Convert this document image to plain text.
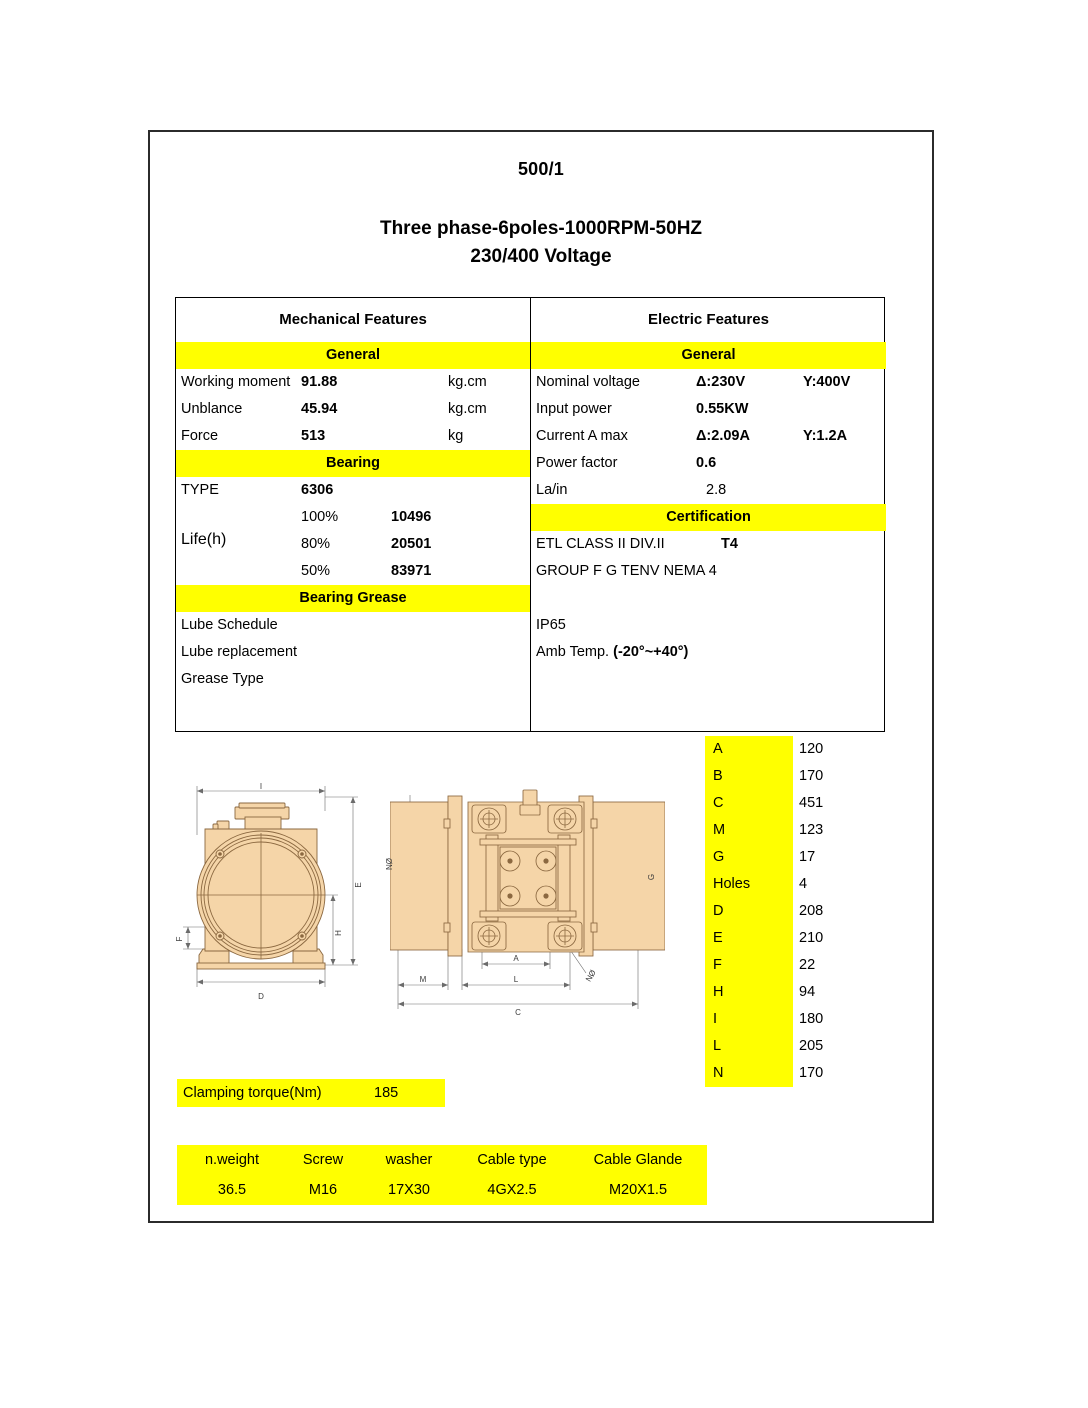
500/1
Three phase-6poles-1000RPM-50HZ
230/400 Voltage
Mechanical Features
General
Working moment 91.88	kg.cm
Unblance	45.94	kg.cm
Force	513	kg
Bearing
TYPE	6306
Life(h)
100%	10496
80%	20501
50%	83971
Bearing Grease
Lube Schedule
Lube replacement
Grease Type
Electric Features
General
Nominal voltage	Δ:230V	Y:400V
Input power	0.55KW
Current A max	Δ:2.09A	Y:1.2A
Power factor	0.6
La/in	2.8
Certification
ETL CLASS II DIV.II	T4
GROUP F G TENV NEMA 4
IP65
Amb Temp. (-20°~+40°)
A	120
B	170
C	451
M	123
G	17
Holes	4
D	208
E	210
F	22
H	94
I	180
L	205
N	170
I
D
E
H
F
A
L
C
M	NØ
G
NØ
Clamping torque(Nm)	185
n.weight	Screw	washer	Cable type	Cable Glande
36.5	M16	17X30	4GX2.5	M20X1.5
